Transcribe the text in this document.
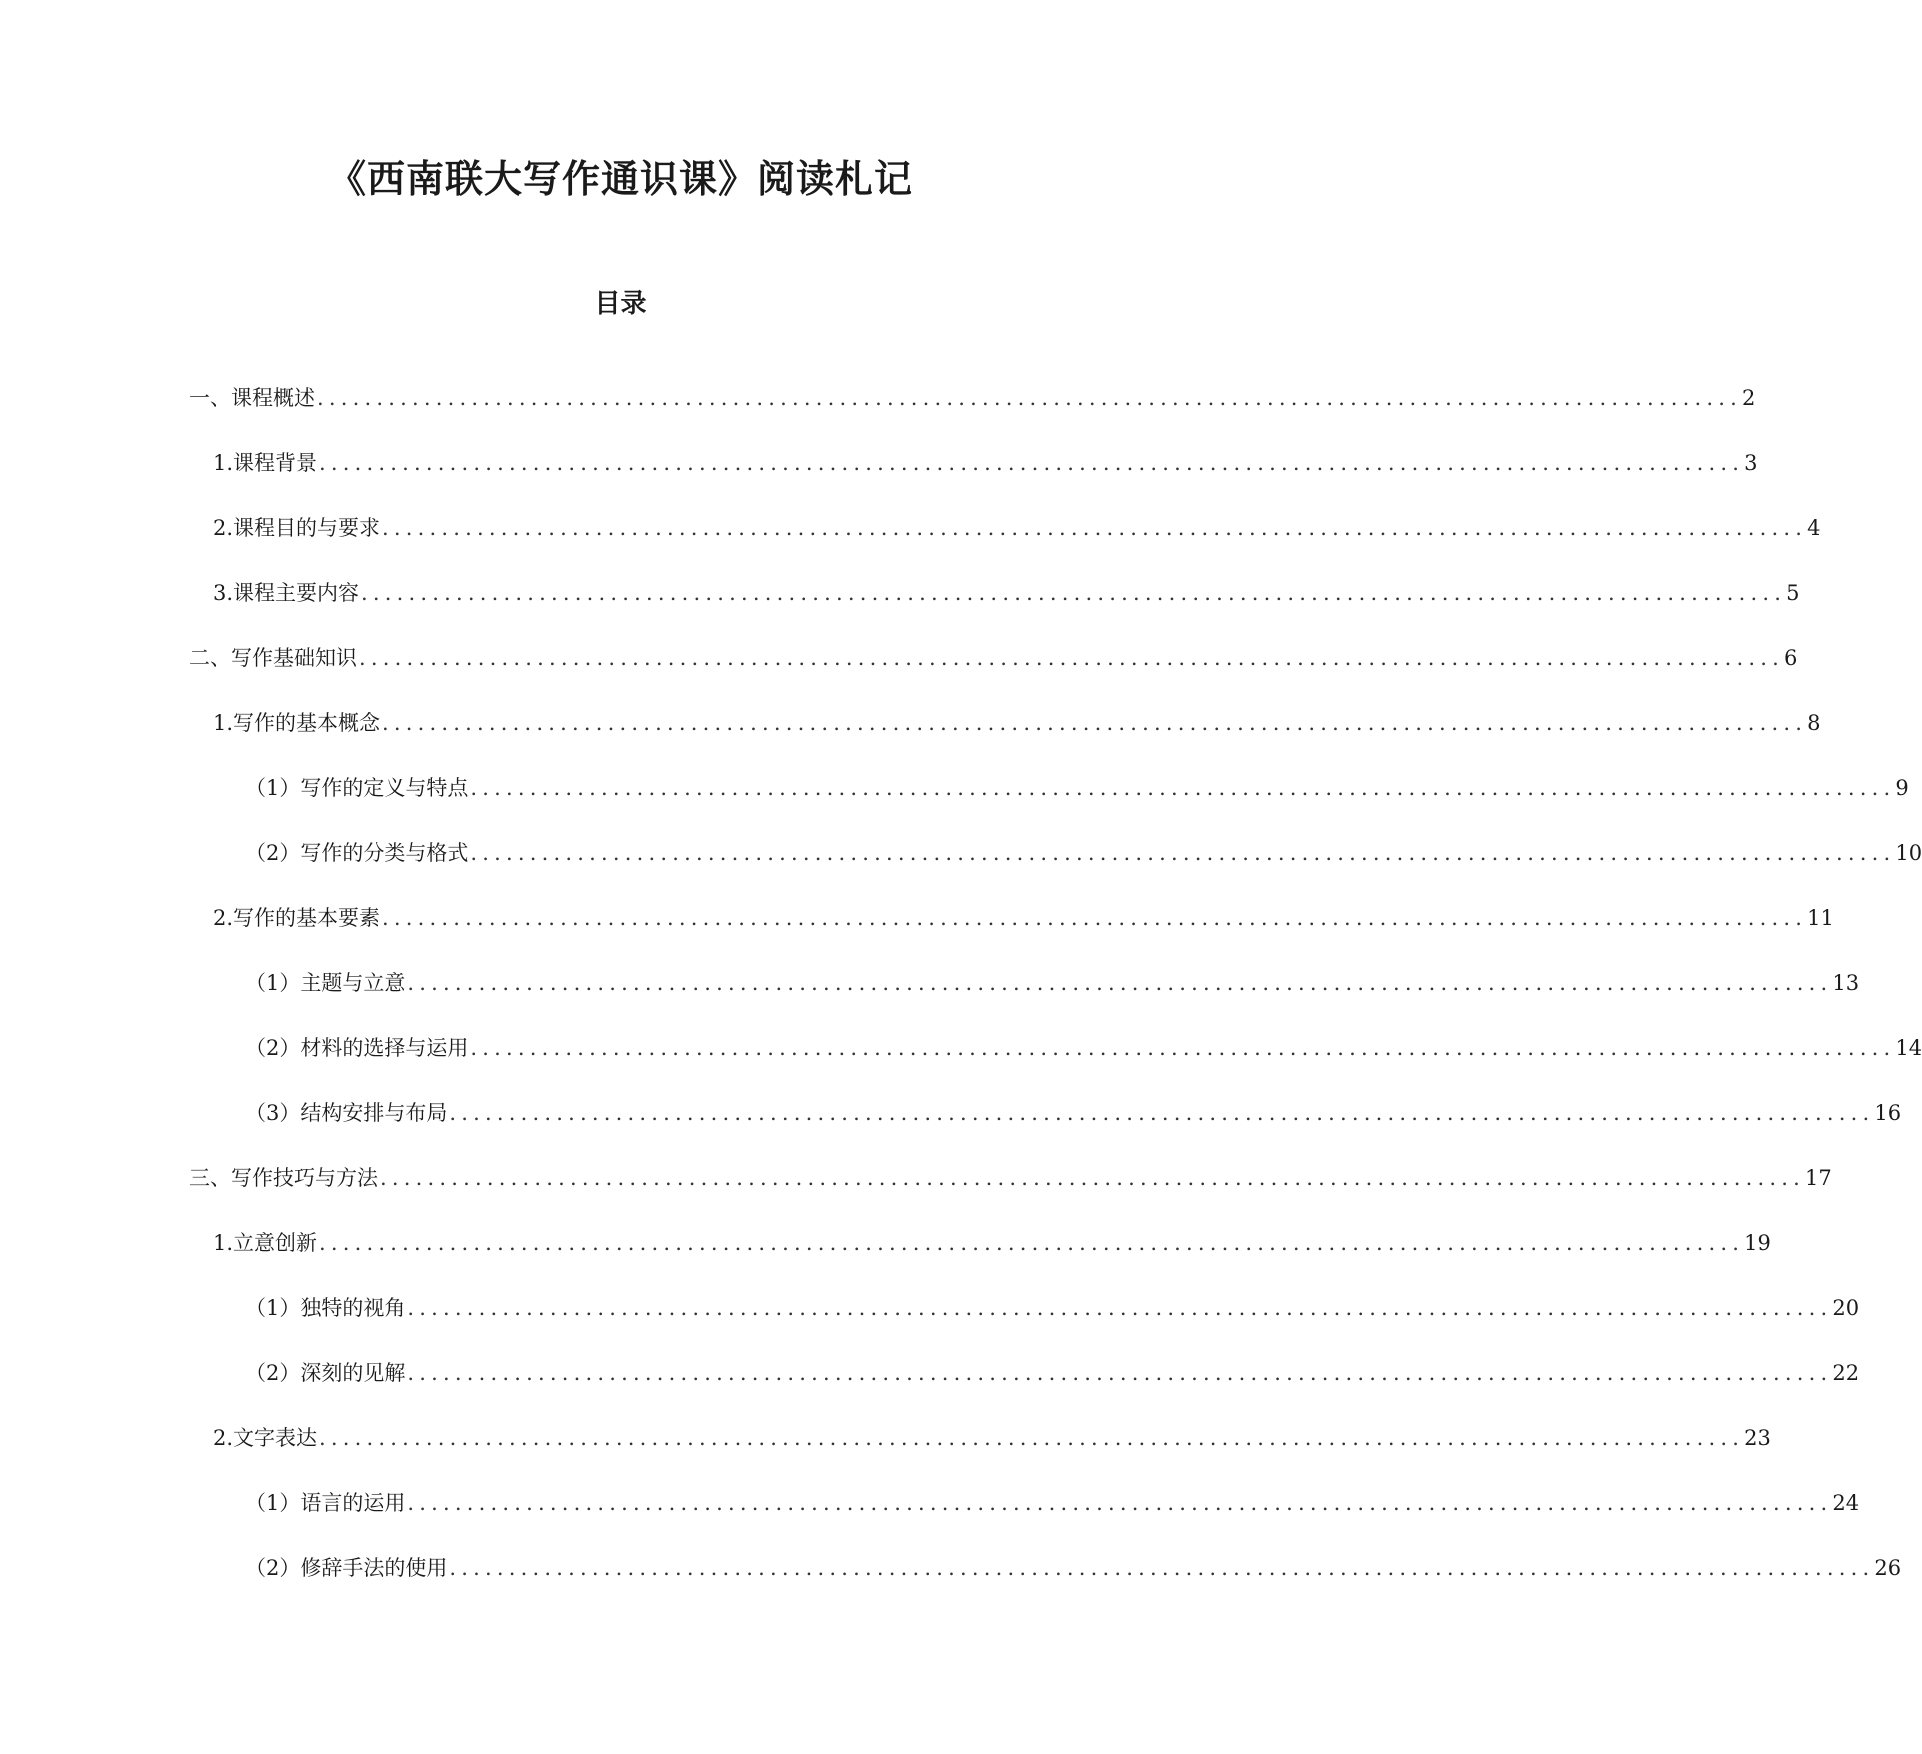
《西南联大写作通识课》阅读札记
目录
一、 课程概述 ........................................................................................................................ 2
1. 课程背景 ........................................................................................................................ 3
2. 课程目的与要求 ........................................................................................................................ 4
3. 课程主要内容 ........................................................................................................................ 5
二、 写作基础知识 ........................................................................................................................ 6
1. 写作的基本概念 ........................................................................................................................ 8
（1） 写作的定义与特点 ........................................................................................................................ 9
（2） 写作的分类与格式 ........................................................................................................................ 10
2. 写作的基本要素 ........................................................................................................................ 11
（1） 主题与立意 ........................................................................................................................ 13
（2） 材料的选择与运用 ........................................................................................................................ 14
（3） 结构安排与布局 ........................................................................................................................ 16
三、 写作技巧与方法 ........................................................................................................................ 17
1. 立意创新 ........................................................................................................................ 19
（1） 独特的视角 ........................................................................................................................ 20
（2） 深刻的见解 ........................................................................................................................ 22
2. 文字表达 ........................................................................................................................ 23
（1） 语言的运用 ........................................................................................................................ 24
（2） 修辞手法的使用 ........................................................................................................................ 26
